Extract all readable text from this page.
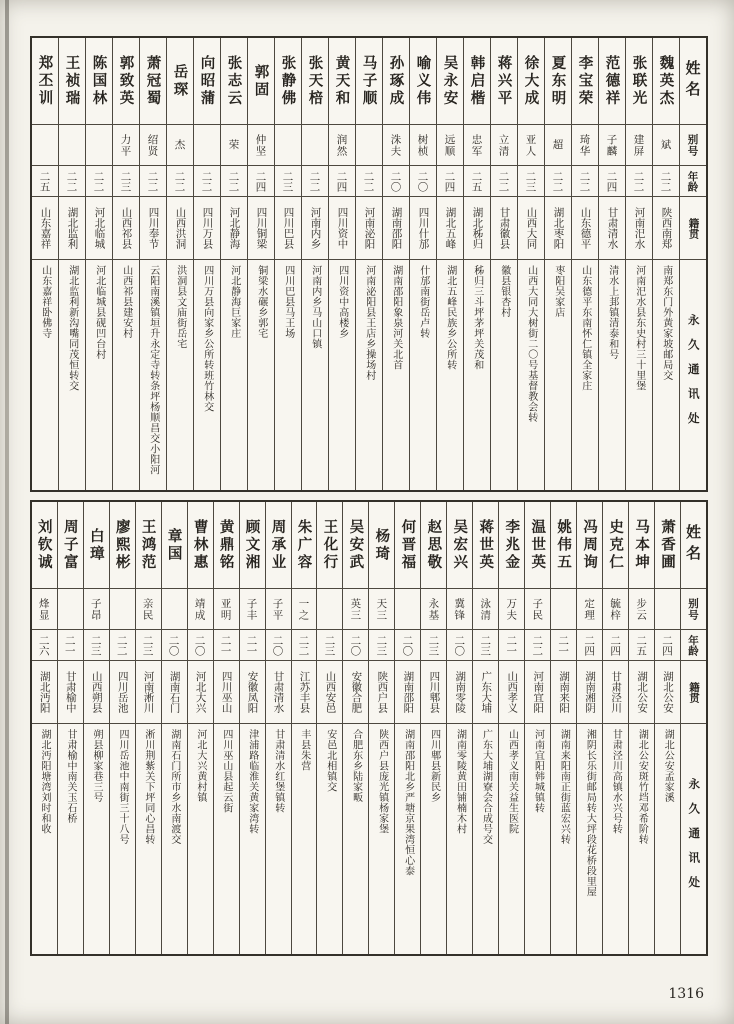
姓名
别号
年龄
籍贯
永久通讯处
魏英杰
斌
二二
陕西南郑
南郑东门外黄家坡邮局交
张联光
建屏
二二
河南汜水
河南汜水县东史村三十里堡
范德祥
子麟
二四
甘肃清水
清水上邽镇清泰和号
李宝荣
琦华
二二
山东德平
山东德平东南怀仁镇全家庄
夏东明
超
二二
湖北枣阳
枣阳吴家店
徐大成
亚人
二三
山西大同
山西大同大树街二〇号基督教会转
蒋兴平
立清
二二
甘肃徽县
徽县银杏村
韩启楷
忠军
二五
湖北秭归
秭归三斗坪茅坪关茂和
吴永安
远顺
二四
湖北五峰
湖北五峰民族乡公所转
喻义伟
树桢
二〇
四川什邡
什邡南街岳卢转
孙琢成
洙夫
二〇
湖南邵阳
湖南邵阳象泉河关北首
马子顺
二二
河南泌阳
河南泌阳县王店乡操场村
黄天和
润然
二四
四川资中
四川资中高楼乡
张天棓
二二
河南内乡
河南内乡马山口镇
张静佛
二三
四川巴县
四川巴县马王场
郭固
仲坚
二四
四川铜梁
铜梁水碾乡郭宅
张志云
荣
二二
河北静海
河北静海巨家庄
向昭蒲
二二
四川万县
四川万县向家乡公所转班竹林交
岳琛
杰
二二
山西洪洞
洪洞县文庙街岳宅
萧冠蜀
绍贤
二二
四川奉节
云阳南溪镇垣升永定寺转条坪杨顺昌交小阳河
郭致英
力平
二三
山西祁县
山西祁县建安村
陈国林
二二
河北临城
河北临城县砚凹台村
王祯瑞
二二
湖北监利
湖北监利新沟嘴同茂恒转交
郑丕训
二五
山东嘉祥
山东嘉祥卧佛寺
姓名
别号
年龄
籍贯
永久通讯处
萧香圃
二四
湖北公安
湖北公安孟家溪
马本坤
步云
二五
湖北公安
湖北公安斑竹垱邓希阶转
史克仁
毓梓
二四
甘肃泾川
甘肃泾川高镇水兴号转
冯周询
定理
二四
湖南湘阴
湘阴长乐街邮局转大坪段花桥段里屋
姚伟五
二一
湖南来阳
湖南来阳南正街蓝宏兴转
温世英
子民
二二
河南宜阳
河南宜阳韩城镇转
李兆金
万夫
二一
山西孝义
山西孝义南关益生医院
蒋世英
泳清
二三
广东大埔
广东大埔湖寮会合成号交
吴宏兴
冀锋
二〇
湖南零陵
湖南零陵黄田铺楠木村
赵思敬
永基
二三
四川郫县
四川郫县新民乡
何晋福
二〇
湖南邵阳
湖南邵阳北乡严塘京果湾恒心泰
杨琦
天三
二三
陕西户县
陕西户县庞光镇杨家堡
吴安武
英三
二〇
安徽合肥
合肥东乡陆家畈
王化行
二三
山西安邑
安邑北相镇交
朱广容
一之
二二
江苏丰县
丰县朱营
周承业
子平
二〇
甘肃清水
甘肃清水红堡镇转
顾文湘
子丰
二一
安徽凤阳
津浦路临淮关黄家湾转
黄鼎铭
亚明
二一
四川巫山
四川巫山县起云街
曹林惠
靖成
二〇
河北大兴
河北大兴黄村镇
章国
二〇
湖南石门
湖南石门所市乡水南渡交
王鸿范
亲民
二三
河南淅川
淅川荆紫关下坪同心昌转
廖熙彬
二二
四川岳池
四川岳池中南街三十八号
白璋
子昂
二三
山西朔县
朔县柳家巷三号
周子富
二一
甘肃榆中
甘肃榆中南关玉石桥
刘钦诚
烽显
二六
湖北沔阳
湖北沔阳塘湾刘时和收
1316
